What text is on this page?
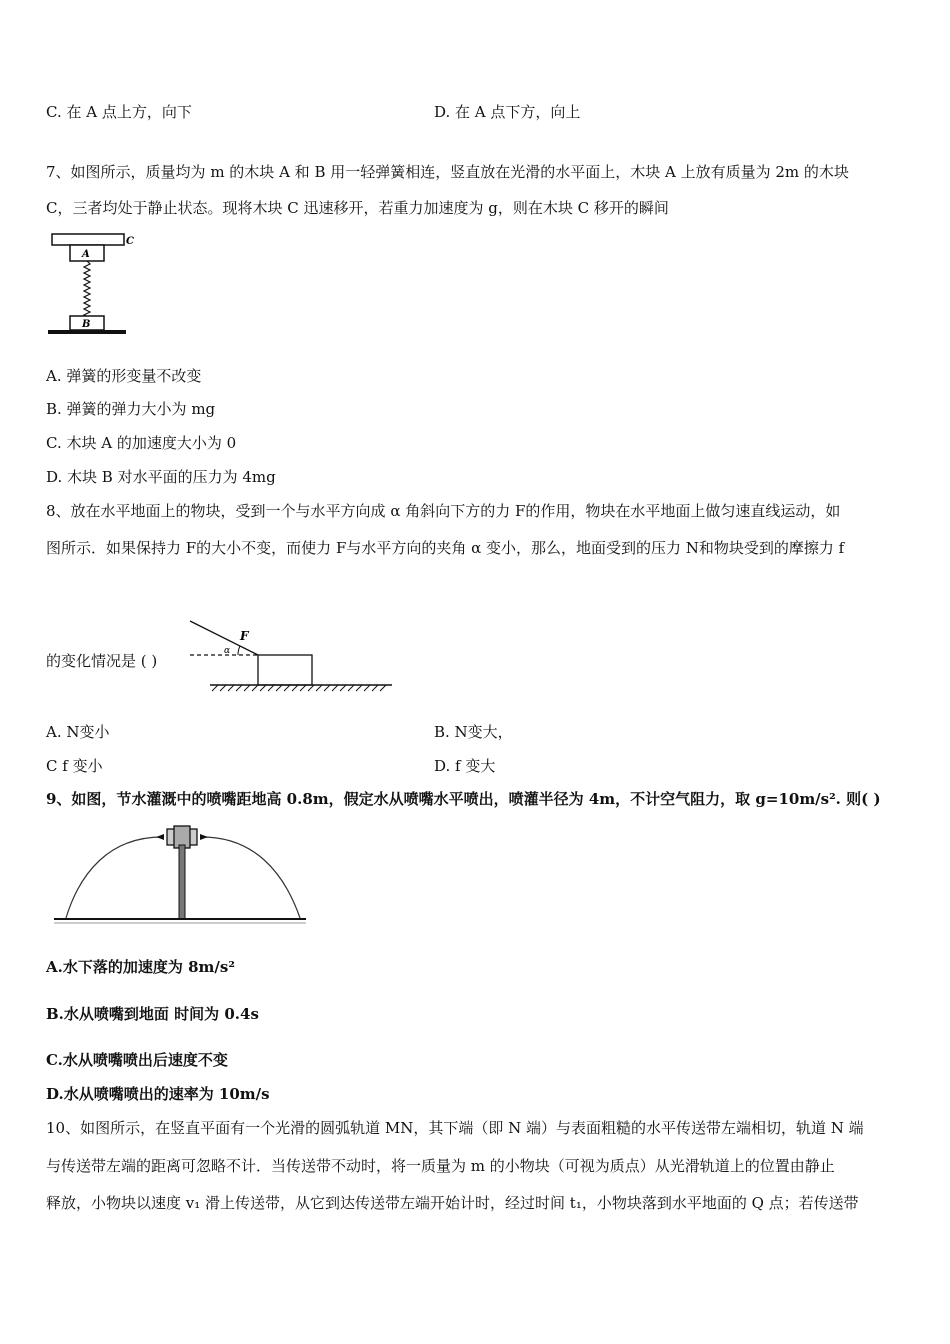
C. 在 A 点上方，向下	D. 在 A 点下方，向上
7、如图所示，质量均为 m 的木块 A 和 B 用一轻弹簧相连，竖直放在光滑的水平面上，木块 A 上放有质量为 2m 的木块
C，三者均处于静止状态。现将木块 C 迅速移开，若重力加速度为 g，则在木块 C 移开的瞬间
C
A
B
A. 弹簧的形变量不改变
B. 弹簧的弹力大小为 mg
C. 木块 A 的加速度大小为 0
D. 木块 B 对水平面的压力为 4mg
8、放在水平地面上的物块，受到一个与水平方向成 α 角斜向下方的力 F的作用，物块在水平地面上做匀速直线运动，如
图所示．如果保持力 F的大小不变，而使力 F与水平方向的夹角 α 变小，那么，地面受到的压力 N和物块受到的摩擦力 f
的变化情况是 ( )
F
α
A. N变小	B. N变大，
C f 变小	D. f 变大
9、如图，节水灌溉中的喷嘴距地高 0.8m，假定水从喷嘴水平喷出，喷灌半径为 4m，不计空气阻力，取 g=10m/s². 则( )
A.水下落的加速度为 8m/s²
B.水从喷嘴到地面 时间为 0.4s
C.水从喷嘴喷出后速度不变
D.水从喷嘴喷出的速率为 10m/s
10、如图所示，在竖直平面有一个光滑的圆弧轨道 MN，其下端（即 N 端）与表面粗糙的水平传送带左端相切，轨道 N 端
与传送带左端的距离可忽略不计．当传送带不动时，将一质量为 m 的小物块（可视为质点）从光滑轨道上的位置由静止
释放，小物块以速度 v₁ 滑上传送带，从它到达传送带左端开始计时，经过时间 t₁，小物块落到水平地面的 Q 点；若传送带
